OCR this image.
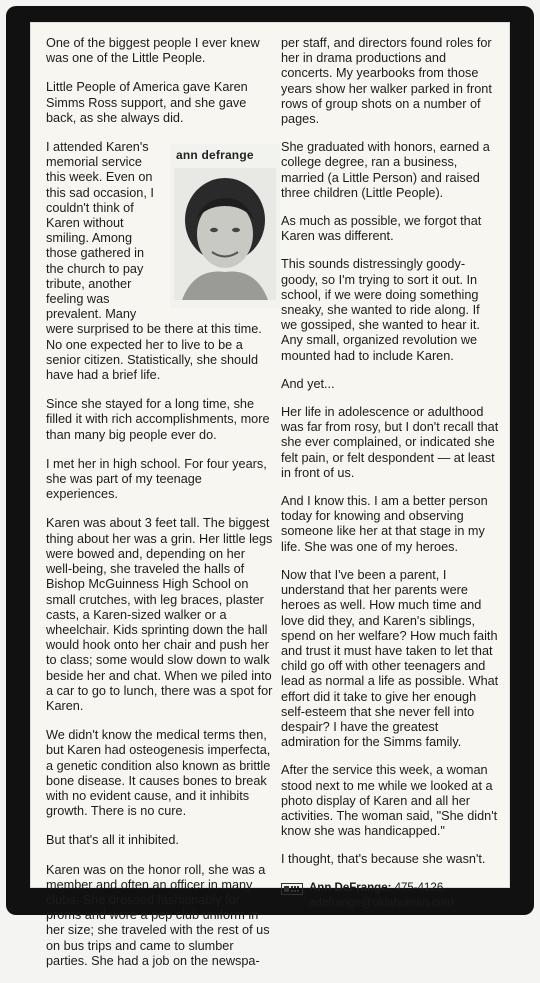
One of the biggest people I ever knew was one of the Little People.

Little People of America gave Karen Simms Ross support, and she gave back, as she always did.

ann defrange

I attended Karen's memorial service this week. Even on this sad occasion, I couldn't think of Karen without smiling. Among those gathered in the church to pay tribute, another feeling was prevalent. Many were surprised to be there at this time. No one expected her to live to be a senior citizen. Statistically, she should have had a brief life.

Since she stayed for a long time, she filled it with rich accomplishments, more than many big people ever do.

I met her in high school. For four years, she was part of my teenage experiences.

Karen was about 3 feet tall. The biggest thing about her was a grin. Her little legs were bowed and, depending on her well-being, she traveled the halls of Bishop McGuinness High School on small crutches, with leg braces, plaster casts, a Karen-sized walker or a wheelchair. Kids sprinting down the hall would hook onto her chair and push her to class; some would slow down to walk beside her and chat. When we piled into a car to go to lunch, there was a spot for Karen.

We didn't know the medical terms then, but Karen had osteogenesis imperfecta, a genetic condition also known as brittle bone disease. It causes bones to break with no evident cause, and it inhibits growth. There is no cure.

But that's all it inhibited.

Karen was on the honor roll, she was a member and often an officer in many clubs. She dressed fashionably for proms and wore a pep club uniform in her size; she traveled with the rest of us on bus trips and came to slumber parties. She had a job on the newspa-

per staff, and directors found roles for her in drama productions and concerts. My yearbooks from those years show her walker parked in front rows of group shots on a number of pages.

She graduated with honors, earned a college degree, ran a business, married (a Little Person) and raised three children (Little People).

As much as possible, we forgot that Karen was different.

This sounds distressingly goody-goody, so I'm trying to sort it out. In school, if we were doing something sneaky, she wanted to ride along. If we gossiped, she wanted to hear it. Any small, organized revolution we mounted had to include Karen.

And yet...

Her life in adolescence or adulthood was far from rosy, but I don't recall that she ever complained, or indicated she felt pain, or felt despondent — at least in front of us.

And I know this. I am a better person today for knowing and observing someone like her at that stage in my life. She was one of my heroes.

Now that I've been a parent, I understand that her parents were heroes as well. How much time and love did they, and Karen's siblings, spend on her welfare? How much faith and trust it must have taken to let that child go off with other teenagers and lead as normal a life as possible. What effort did it take to give her enough self-esteem that she never fell into despair? I have the greatest admiration for the Simms family.

After the service this week, a woman stood next to me while we looked at a photo display of Karen and all her activities. The woman said, "She didn't know she was handicapped."

I thought, that's because she wasn't.

Ann DeFrange: 475-4126,
adefrange@oklahoman.com
